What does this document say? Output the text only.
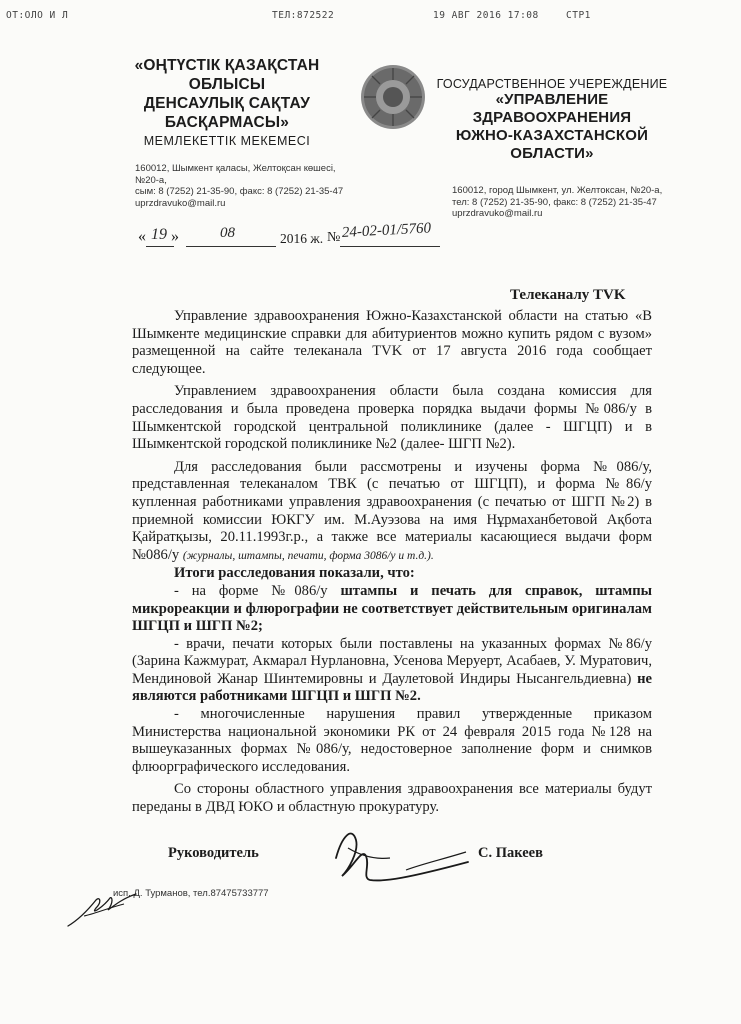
ОТ:ОЛО И Л	ТЕЛ:872522	19 АВГ 2016 17:08	СТР1
«ОҢТҮСТІК ҚАЗАҚСТАН
ОБЛЫСЫ
ДЕНСАУЛЫҚ САҚТАУ
БАСҚАРМАСЫ»
МЕМЛЕКЕТТІК МЕКЕМЕСІ
160012, Шымкент қаласы, Желтоқсан көшесі, №20-а,
сым: 8 (7252) 21-35-90, факс: 8 (7252) 21-35-47
uprzdravuko@mail.ru
ГОСУДАРСТВЕННОЕ УЧЕРЕЖДЕНИЕ
«УПРАВЛЕНИЕ
ЗДРАВООХРАНЕНИЯ
ЮЖНО-КАЗАХСТАНСКОЙ
ОБЛАСТИ»
160012, город Шымкент, ул. Желтоксан, №20-а,
тел: 8 (7252) 21-35-90, факс: 8 (7252) 21-35-47
uprzdravuko@mail.ru
« 19 »	08	2016 ж. № 24-02-01/5760
Телеканалу TVK

Управление здравоохранения Южно-Казахстанской области на статью «В Шымкенте медицинские справки для абитуриентов можно купить рядом с вузом» размещенной на сайте телеканала TVK от 17 августа 2016 года сообщает следующее.

Управлением здравоохранения области была создана комиссия для расследования и была проведена проверка порядка выдачи формы №086/у в Шымкентской городской центральной поликлинике (далее - ШГЦП) и в Шымкентской городской поликлинике №2 (далее- ШГП №2).

Для расследования были рассмотрены и изучены форма №086/у, представленная телеканалом ТВК (с печатью от ШГЦП), и форма №86/у купленная работниками управления здравоохранения (с печатью от ШГП №2) в приемной комиссии ЮКГУ им. М.Ауэзова на имя Нұрмаханбетовой Ақбота Қайратқызы, 20.11.1993г.р., а также все материалы касающиеся выдачи форм №086/у (журналы, штампы, печати, форма 3086/у и т.д.).

Итоги расследования показали, что:

- на форме №086/у штампы и печать для справок, штампы микрореакции и флюрографии не соответствует действительным оригиналам ШГЦП и ШГП №2;

- врачи, печати которых были поставлены на указанных формах №86/у (Зарина Кажмурат, Акмарал Нурлановна, Усенова Меруерт, Асабаев, У. Муратович, Мендиновой Жанар Шинтемировны и Даулетовой Индиры Нысангельдиевна) не являются работниками ШГЦП и ШГП №2.

- многочисленные нарушения правил утвержденные приказом Министерства национальной экономики РК от 24 февраля 2015 года №128 на вышеуказанных формах №086/у, недостоверное заполнение форм и снимков флюорграфического исследования.

Со стороны областного управления здравоохранения все материалы будут переданы в ДВД ЮКО и областную прокуратуру.

Руководитель	С. Пакеев
исп. Д. Турманов, тел.87475733777
